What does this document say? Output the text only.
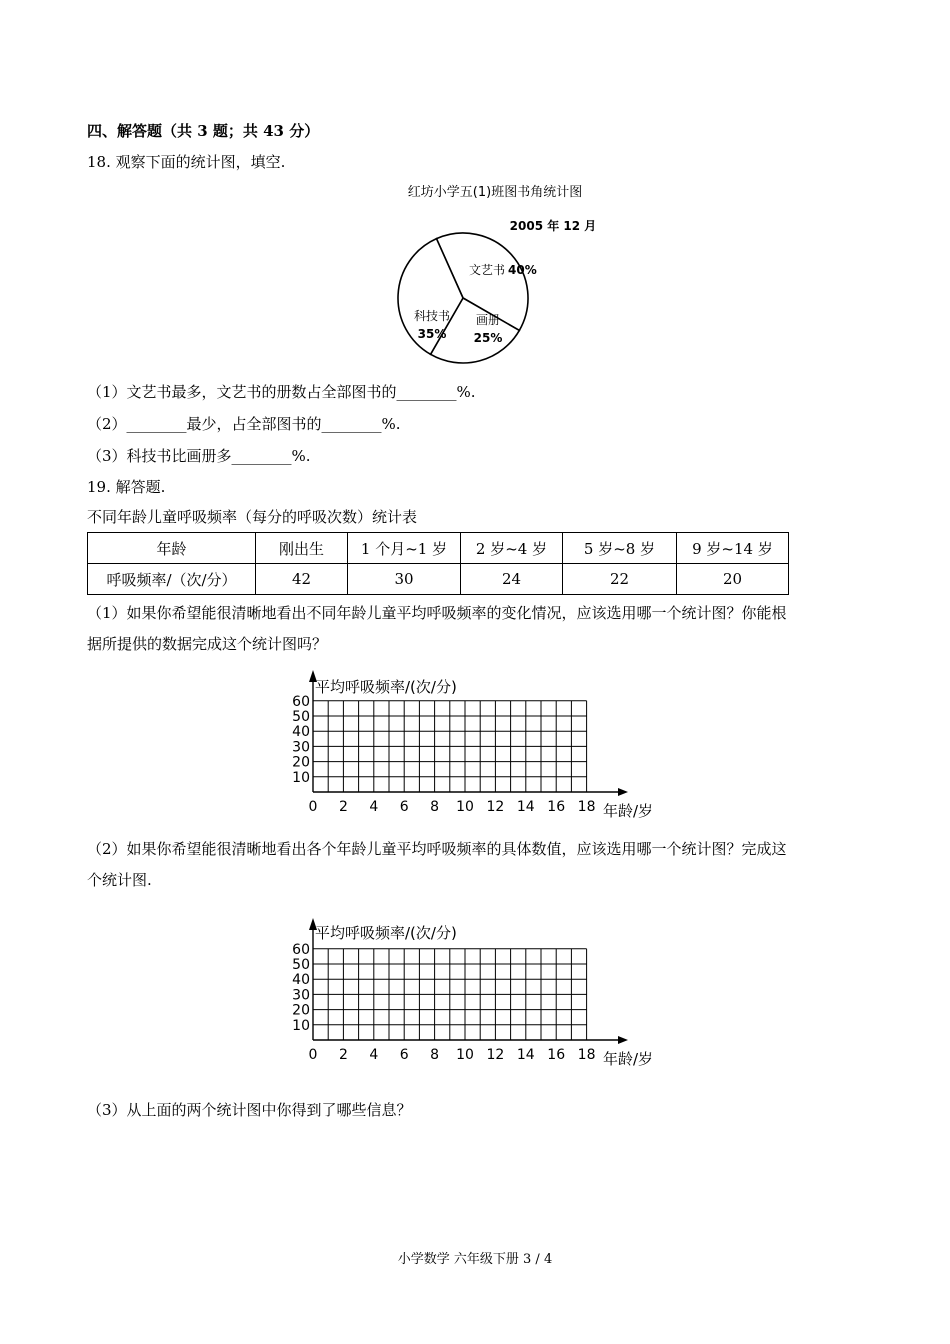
四、解答题（共 3 题；共 43 分）
18. 观察下面的统计图，填空.
红坊小学五(1)班图书角统计图
2005 年 12 月
文艺书 40%
画册
25%
科技书
35%
（1）文艺书最多，文艺书的册数占全部图书的________%.
（2）________最少，占全部图书的________%.
（3）科技书比画册多________%.
19. 解答题.
不同年龄儿童呼吸频率（每分的呼吸次数）统计表
年龄	刚出生	1 个月~1 岁	2 岁~4 岁	5 岁~8 岁	9 岁~14 岁
呼吸频率/（次/分）	42	30	24	22	20
（1）如果你希望能很清晰地看出不同年龄儿童平均呼吸频率的变化情况，应该选用哪一个统计图？你能根
据所提供的数据完成这个统计图吗？
平均呼吸频率/(次/分)
年龄/岁
10
20
30
40
50
60
0 2 4 6 8 10 12 14 16 18
（2）如果你希望能很清晰地看出各个年龄儿童平均呼吸频率的具体数值，应该选用哪一个统计图？完成这
个统计图.
平均呼吸频率/(次/分)
年龄/岁
10
20
30
40
50
60
0 2 4 6 8 10 12 14 16 18
（3）从上面的两个统计图中你得到了哪些信息？
小学数学 六年级下册 3 / 4
